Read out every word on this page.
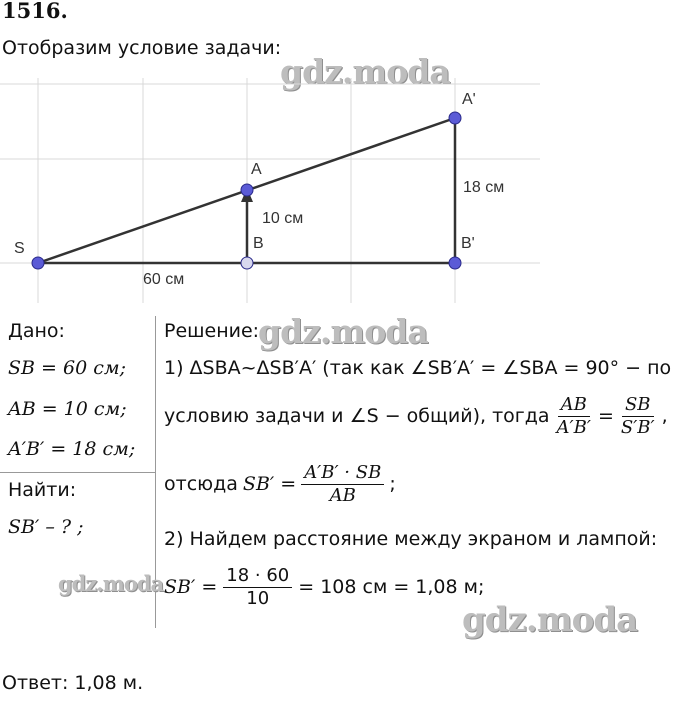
1516.
Отобразим условие задачи:
gdz.moda
S
A
B
A'
B'
10 см
60 см
18 см
Дано:
SB = 60 см;
AB = 10 см;
A′B′ = 18 см;
Найти:
SB′ – ? ;
gdz.moda
Решение:
gdz.moda
1) ΔSBA~ΔSB′A′ (так как ∠SB′A′ = ∠SBA = 90° − по
условию задачи и ∠S − общий), тогда $\frac{AB}{A'B'} = \frac{SB}{S'B'}$ ,
отсюда $SB' = \frac{A'B' \cdot SB}{AB}$ ;
2) Найдем расстояние между экраном и лампой:
$SB' = \frac{18 \cdot 60}{10} = 108$ см = 1,08 м;
gdz.moda
Ответ: 1,08 м.
